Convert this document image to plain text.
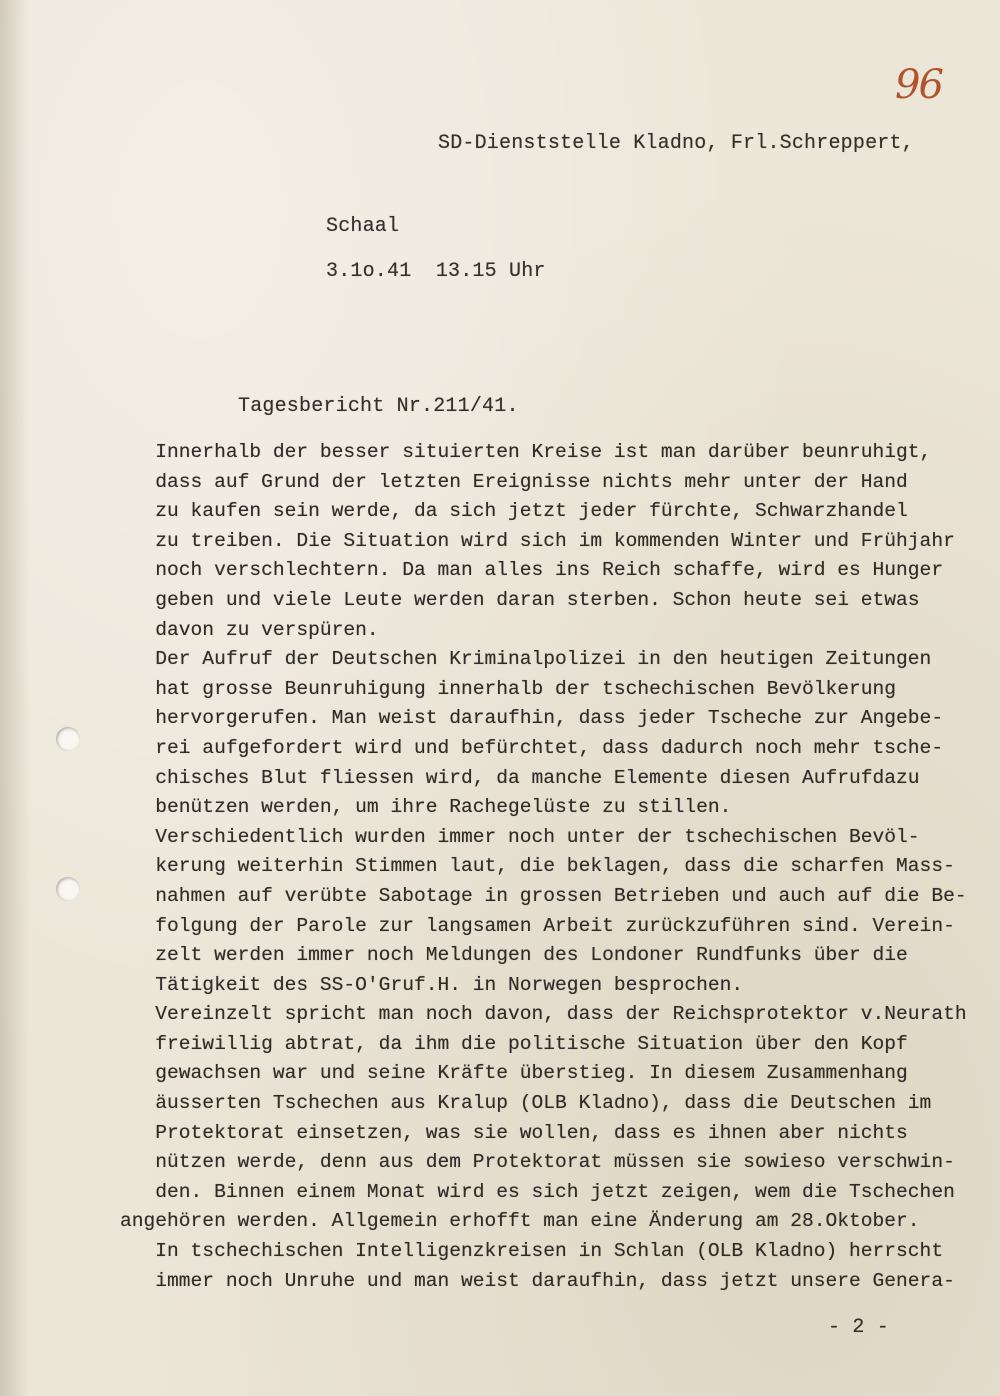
96
SD-Dienststelle Kladno, Frl.Schreppert,
Schaal
3.1o.41  13.15 Uhr
Tagesbericht Nr.211/41.
Innerhalb der besser situierten Kreise ist man darüber beunruhigt,
dass auf Grund der letzten Ereignisse nichts mehr unter der Hand
zu kaufen sein werde, da sich jetzt jeder fürchte, Schwarzhandel
zu treiben. Die Situation wird sich im kommenden Winter und Frühjahr
noch verschlechtern. Da man alles ins Reich schaffe, wird es Hunger
geben und viele Leute werden daran sterben. Schon heute sei etwas
davon zu verspüren.
Der Aufruf der Deutschen Kriminalpolizei in den heutigen Zeitungen
hat grosse Beunruhigung innerhalb der tschechischen Bevölkerung
hervorgerufen. Man weist daraufhin, dass jeder Tscheche zur Angebe-
rei aufgefordert wird und befürchtet, dass dadurch noch mehr tsche-
chisches Blut fliessen wird, da manche Elemente diesen Aufrufdazu
benützen werden, um ihre Rachegelüste zu stillen.
Verschiedentlich wurden immer noch unter der tschechischen Bevöl-
kerung weiterhin Stimmen laut, die beklagen, dass die scharfen Mass-
nahmen auf verübte Sabotage in grossen Betrieben und auch auf die Be-
folgung der Parole zur langsamen Arbeit zurückzuführen sind. Verein-
zelt werden immer noch Meldungen des Londoner Rundfunks über die
Tätigkeit des SS-O'Gruf.H. in Norwegen besprochen.
Vereinzelt spricht man noch davon, dass der Reichsprotektor v.Neurath
freiwillig abtrat, da ihm die politische Situation über den Kopf
gewachsen war und seine Kräfte überstieg. In diesem Zusammenhang
äusserten Tschechen aus Kralup (OLB Kladno), dass die Deutschen im
Protektorat einsetzen, was sie wollen, dass es ihnen aber nichts
nützen werde, denn aus dem Protektorat müssen sie sowieso verschwin-
den. Binnen einem Monat wird es sich jetzt zeigen, wem die Tschechen
angehören werden. Allgemein erhofft man eine Änderung am 28.Oktober.
In tschechischen Intelligenzkreisen in Schlan (OLB Kladno) herrscht
immer noch Unruhe und man weist daraufhin, dass jetzt unsere Genera-
- 2 -
